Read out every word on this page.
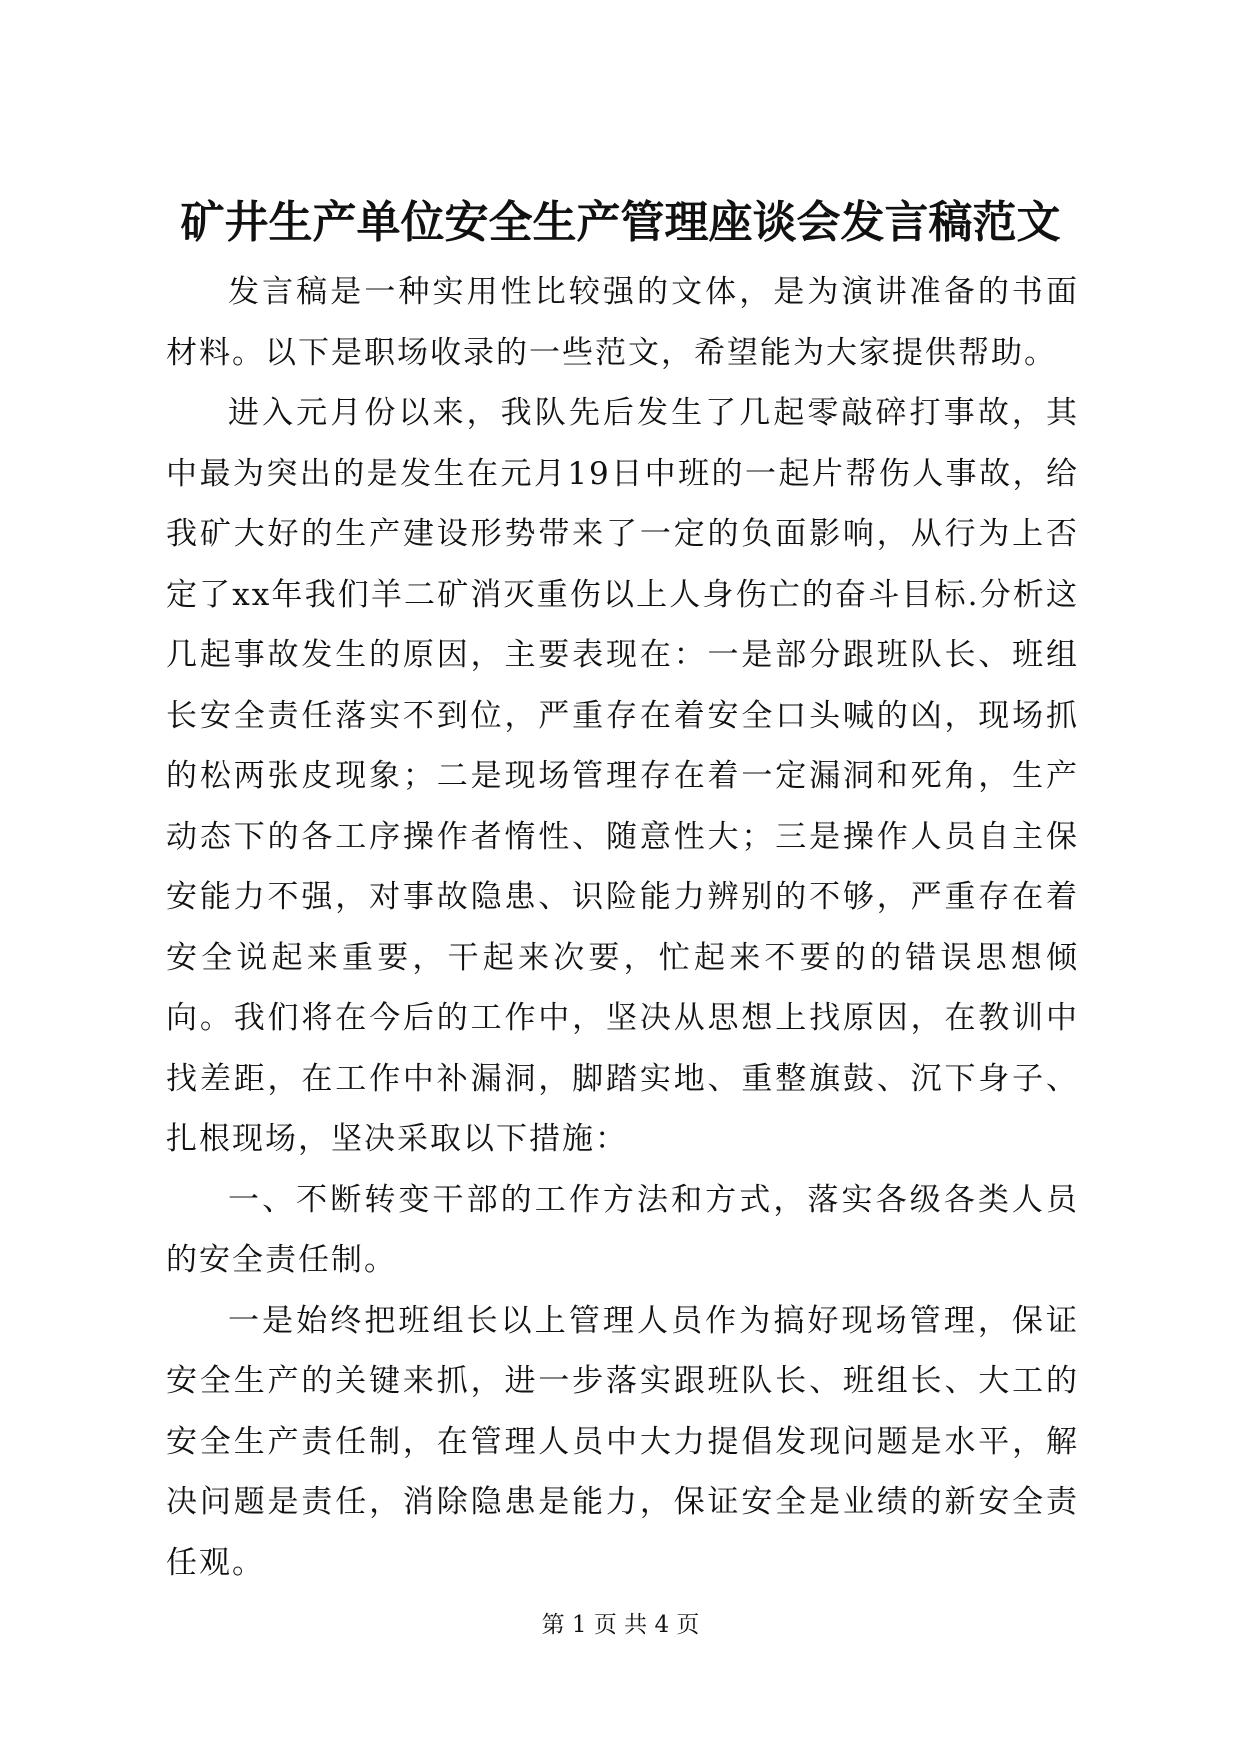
矿井生产单位安全生产管理座谈会发言稿范文

发言稿是一种实用性比较强的文体，是为演讲准备的书面材料。以下是职场收录的一些范文，希望能为大家提供帮助。

进入元月份以来，我队先后发生了几起零敲碎打事故，其中最为突出的是发生在元月19日中班的一起片帮伤人事故，给我矿大好的生产建设形势带来了一定的负面影响，从行为上否定了xx年我们羊二矿消灭重伤以上人身伤亡的奋斗目标.分析这几起事故发生的原因，主要表现在：一是部分跟班队长、班组长安全责任落实不到位，严重存在着安全口头喊的凶，现场抓的松两张皮现象；二是现场管理存在着一定漏洞和死角，生产动态下的各工序操作者惰性、随意性大；三是操作人员自主保安能力不强，对事故隐患、识险能力辨别的不够，严重存在着安全说起来重要，干起来次要，忙起来不要的的错误思想倾向。我们将在今后的工作中，坚决从思想上找原因，在教训中找差距，在工作中补漏洞，脚踏实地、重整旗鼓、沉下身子、扎根现场，坚决采取以下措施：

一、不断转变干部的工作方法和方式，落实各级各类人员的安全责任制。

一是始终把班组长以上管理人员作为搞好现场管理，保证安全生产的关键来抓，进一步落实跟班队长、班组长、大工的安全生产责任制，在管理人员中大力提倡发现问题是水平，解决问题是责任，消除隐患是能力，保证安全是业绩的新安全责任观。

第 1 页 共 4 页
